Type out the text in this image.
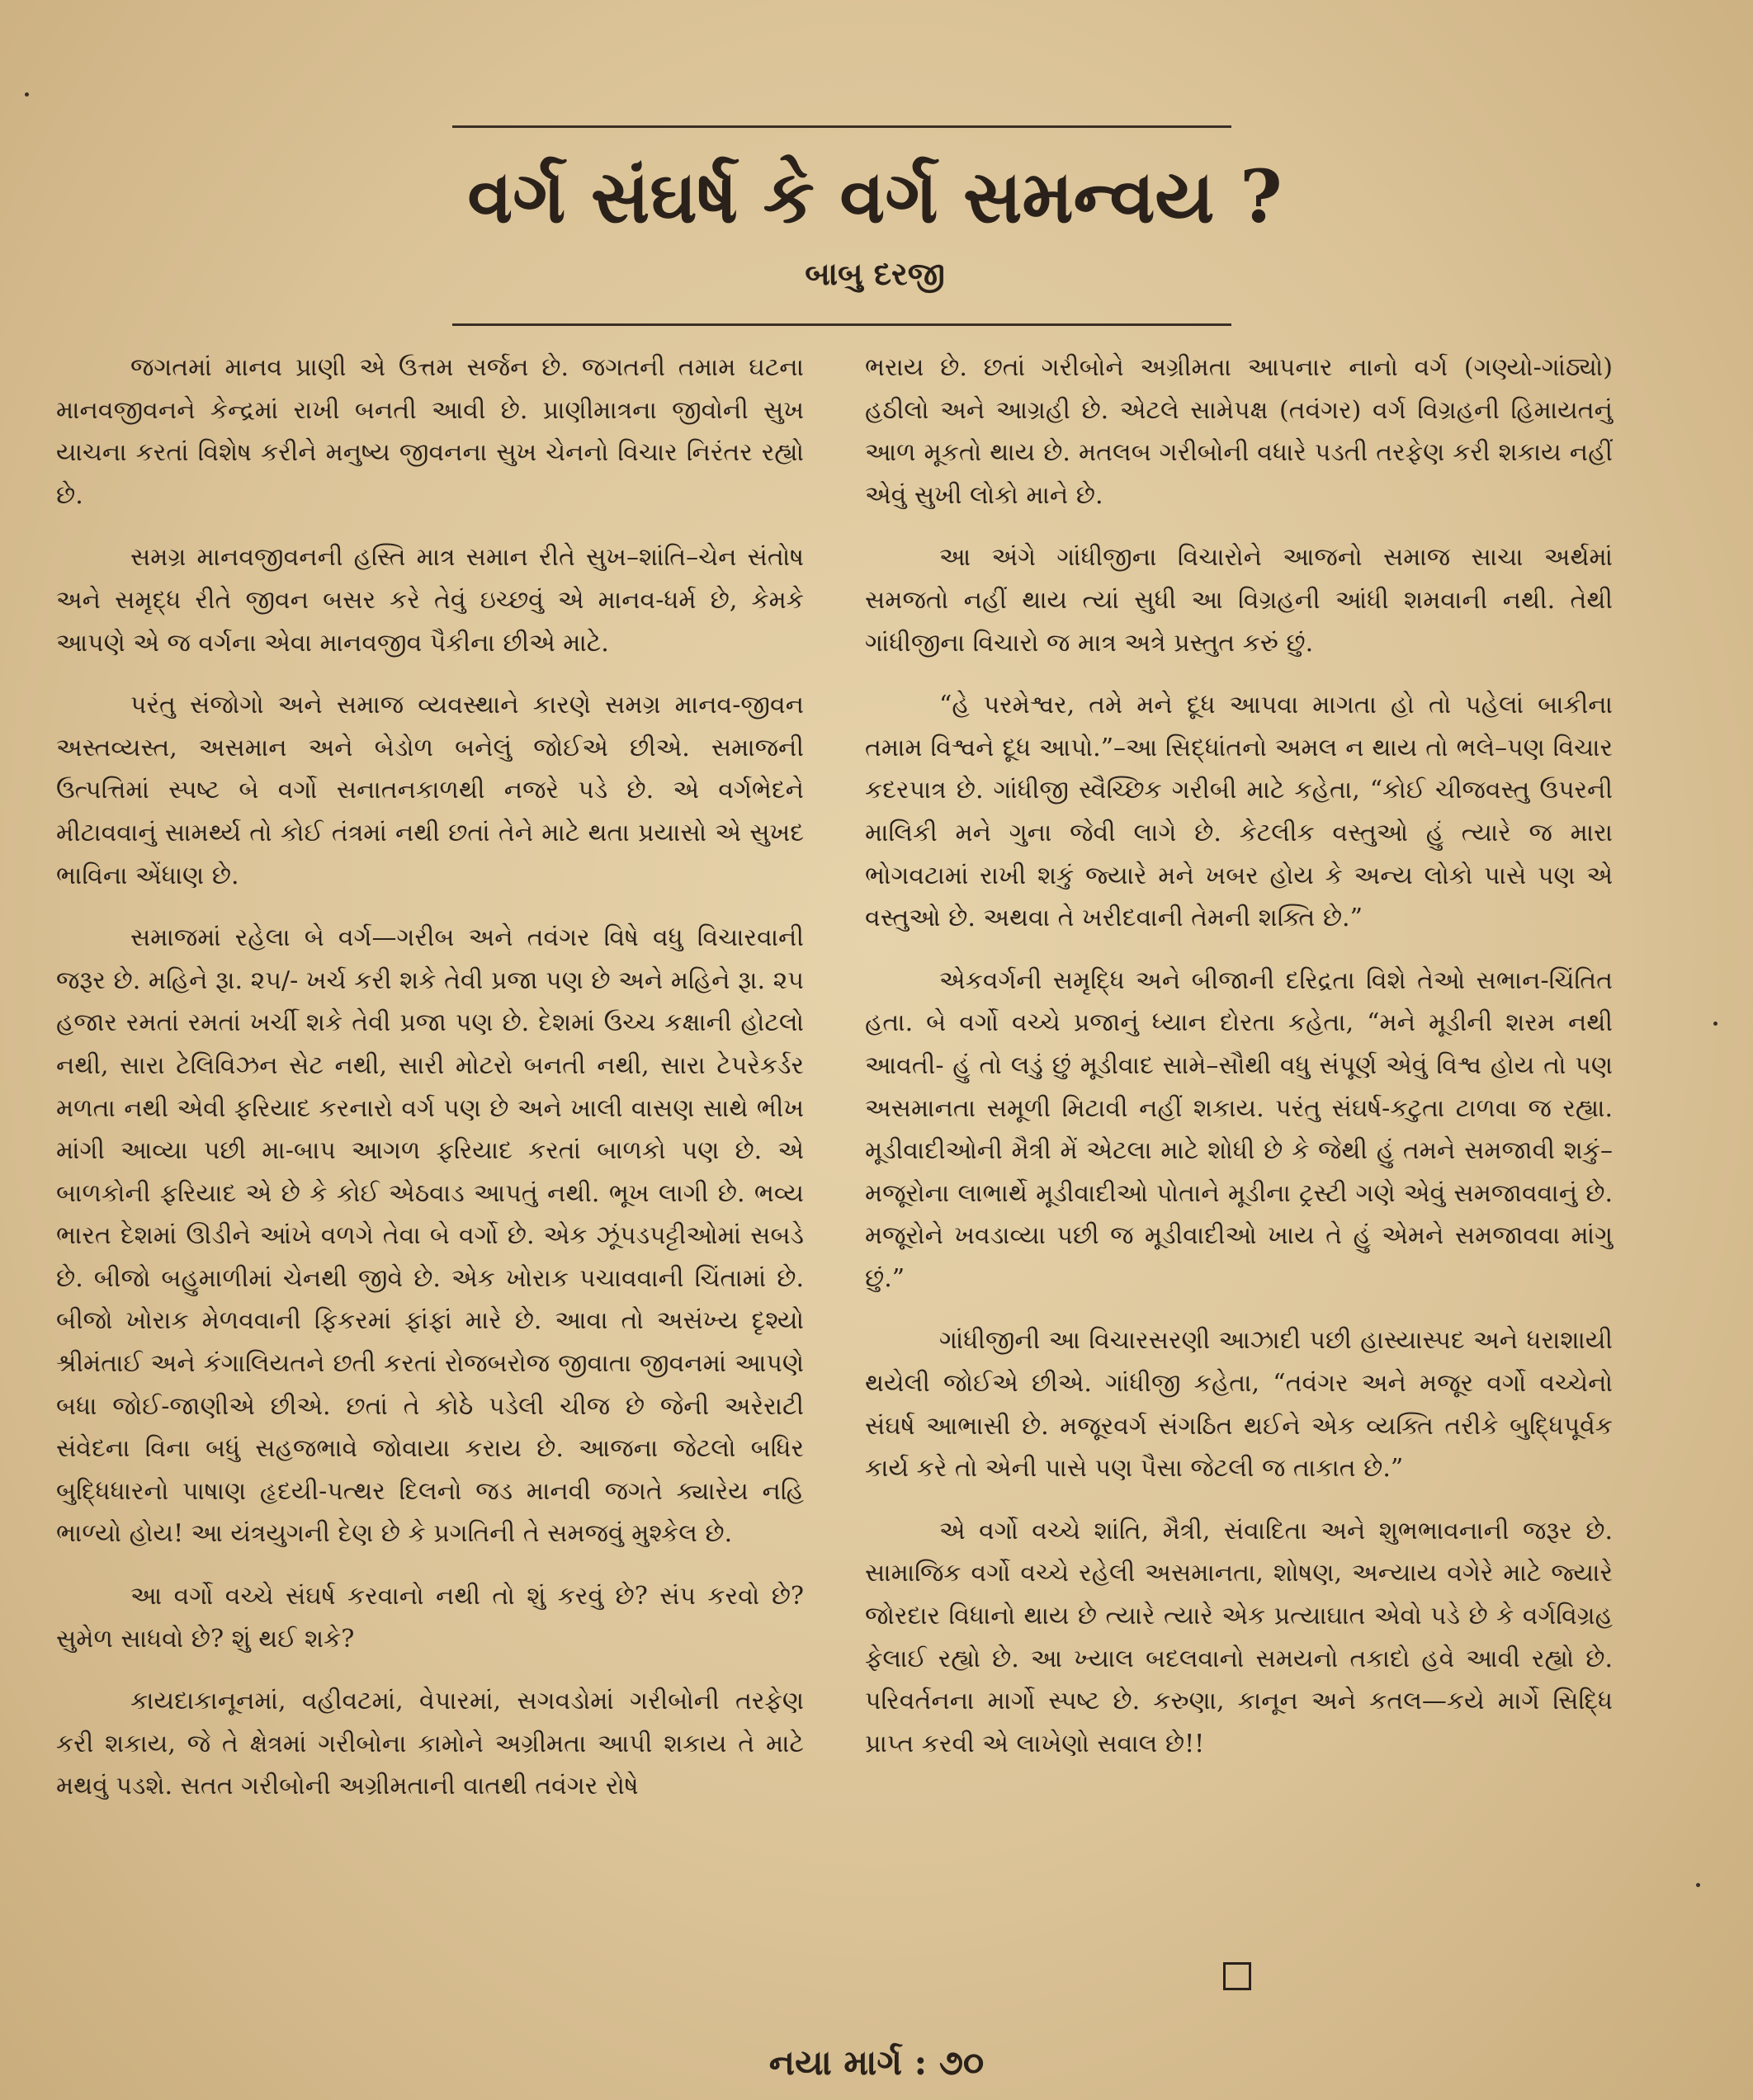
વર્ગ સંઘર્ષ કે વર્ગ સમન્વય ?
બાબુ દરજી

જગતમાં માનવ પ્રાણી એ ઉત્તમ સર્જન છે. જગતની તમામ ઘટના માનવજીવનને કેન્દ્રમાં રાખી બનતી આવી છે. પ્રાણીમાત્રના જીવોની સુખ યાચના કરતાં વિશેષ કરીને મનુષ્ય જીવનના સુખ ચેનનો વિચાર નિરંતર રહ્યો છે.

સમગ્ર માનવજીવનની હસ્તિ માત્ર સમાન રીતે સુખ–શાંતિ–ચેન સંતોષ અને સમૃદ્ધ રીતે જીવન બસર કરે તેવું ઇચ્છવું એ માનવ-ધર્મ છે, કેમકે આપણે એ જ વર્ગના એવા માનવજીવ પૈકીના છીએ માટે.

પરંતુ સંજોગો અને સમાજ વ્યવસ્થાને કારણે સમગ્ર માનવ-જીવન અસ્તવ્યસ્ત, અસમાન અને બેડોળ બનેલું જોઈએ છીએ. સમાજની ઉત્પત્તિમાં સ્પષ્ટ બે વર્ગો સનાતનકાળથી નજરે પડે છે. એ વર્ગભેદને મીટાવવાનું સામર્થ્ય તો કોઈ તંત્રમાં નથી છતાં તેને માટે થતા પ્રયાસો એ સુખદ ભાવિના એંધાણ છે.

સમાજમાં રહેલા બે વર્ગ—ગરીબ અને તવંગર વિષે વધુ વિચારવાની જરૂર છે. મહિને રૂા. ૨૫/- ખર્ચ કરી શકે તેવી પ્રજા પણ છે અને મહિને રૂા. ૨૫ હજાર રમતાં રમતાં ખર્ચી શકે તેવી પ્રજા પણ છે. દેશમાં ઉચ્ચ કક્ષાની હોટલો નથી, સારા ટેલિવિઝન સેટ નથી, સારી મોટરો બનતી નથી, સારા ટેપરેકર્ડર મળતા નથી એવી ફરિયાદ કરનારો વર્ગ પણ છે અને ખાલી વાસણ સાથે ભીખ માંગી આવ્યા પછી મા-બાપ આગળ ફરિયાદ કરતાં બાળકો પણ છે. એ બાળકોની ફરિયાદ એ છે કે કોઈ એઠવાડ આપતું નથી. ભૂખ લાગી છે. ભવ્ય ભારત દેશમાં ઊડીને આંખે વળગે તેવા બે વર્ગો છે. એક ઝૂંપડપટ્ટીઓમાં સબડે છે. બીજો બહુમાળીમાં ચેનથી જીવે છે. એક ખોરાક પચાવવાની ચિંતામાં છે. બીજો ખોરાક મેળવવાની ફિકરમાં ફાંફાં મારે છે. આવા તો અસંખ્ય દૃશ્યો શ્રીમંતાઈ અને કંગાલિયતને છતી કરતાં રોજબરોજ જીવાતા જીવનમાં આપણે બધા જોઈ-જાણીએ છીએ. છતાં તે કોઠે પડેલી ચીજ છે જેની અરેરાટી સંવેદના વિના બધું સહજભાવે જોવાયા કરાય છે. આજના જેટલો બધિર બુદ્ધિધારનો પાષાણ હૃદયી-પત્થર દિલનો જડ માનવી જગતે ક્યારેય નહિ ભાળ્યો હોય! આ યંત્રયુગની દેણ છે કે પ્રગતિની તે સમજવું મુશ્કેલ છે.

આ વર્ગો વચ્ચે સંઘર્ષ કરવાનો નથી તો શું કરવું છે? સંપ કરવો છે? સુમેળ સાધવો છે? શું થઈ શકે?

કાયદાકાનૂનમાં, વહીવટમાં, વેપારમાં, સગવડોમાં ગરીબોની તરફેણ કરી શકાય, જે તે ક્ષેત્રમાં ગરીબોના કામોને અગ્રીમતા આપી શકાય તે માટે મથવું પડશે. સતત ગરીબોની અગ્રીમતાની વાતથી તવંગર રોષે

ભરાય છે. છતાં ગરીબોને અગ્રીમતા આપનાર નાનો વર્ગ (ગણ્યો-ગાંઠ્યો) હઠીલો અને આગ્રહી છે. એટલે સામેપક્ષ (તવંગર) વર્ગ વિગ્રહની હિમાયતનું આળ મૂકતો થાય છે. મતલબ ગરીબોની વધારે પડતી તરફેણ કરી શકાય નહીં એવું સુખી લોકો માને છે.

આ અંગે ગાંધીજીના વિચારોને આજનો સમાજ સાચા અર્થમાં સમજતો નહીં થાય ત્યાં સુધી આ વિગ્રહની આંધી શમવાની નથી. તેથી ગાંધીજીના વિચારો જ માત્ર અત્રે પ્રસ્તુત કરું છું.

“હે પરમેશ્વર, તમે મને દૂધ આપવા માગતા હો તો પહેલાં બાકીના તમામ વિશ્વને દૂધ આપો.”–આ સિદ્ધાંતનો અમલ ન થાય તો ભલે–પણ વિચાર કદરપાત્ર છે. ગાંધીજી સ્વૈચ્છિક ગરીબી માટે કહેતા, “કોઈ ચીજવસ્તુ ઉપરની માલિકી મને ગુના જેવી લાગે છે. કેટલીક વસ્તુઓ હું ત્યારે જ મારા ભોગવટામાં રાખી શકું જ્યારે મને ખબર હોય કે અન્ય લોકો પાસે પણ એ વસ્તુઓ છે. અથવા તે ખરીદવાની તેમની શક્તિ છે.”

એકવર્ગની સમૃદ્ધિ અને બીજાની દરિદ્રતા વિશે તેઓ સભાન-ચિંતિત હતા. બે વર્ગો વચ્ચે પ્રજાનું ધ્યાન દોરતા કહેતા, “મને મૂડીની શરમ નથી આવતી- હું તો લડું છું મૂડીવાદ સામે–સૌથી વધુ સંપૂર્ણ એવું વિશ્વ હોય તો પણ અસમાનતા સમૂળી મિટાવી નહીં શકાય. પરંતુ સંઘર્ષ-કટુતા ટાળવા જ રહ્યા. મૂડીવાદીઓની મૈત્રી મેં એટલા માટે શોધી છે કે જેથી હું તમને સમજાવી શકું–મજૂરોના લાભાર્થે મૂડીવાદીઓ પોતાને મૂડીના ટ્રસ્ટી ગણે એવું સમજાવવાનું છે. મજૂરોને ખવડાવ્યા પછી જ મૂડીવાદીઓ ખાય તે હું એમને સમજાવવા માંગુ છું.”

ગાંધીજીની આ વિચારસરણી આઝાદી પછી હાસ્યાસ્પદ અને ધરાશાયી થયેલી જોઈએ છીએ. ગાંધીજી કહેતા, “તવંગર અને મજૂર વર્ગો વચ્ચેનો સંઘર્ષ આભાસી છે. મજૂરવર્ગ સંગઠિત થઈને એક વ્યક્તિ તરીકે બુદ્ધિપૂર્વક કાર્ય કરે તો એની પાસે પણ પૈસા જેટલી જ તાકાત છે.”

એ વર્ગો વચ્ચે શાંતિ, મૈત્રી, સંવાદિતા અને શુભભાવનાની જરૂર છે. સામાજિક વર્ગો વચ્ચે રહેલી અસમાનતા, શોષણ, અન્યાય વગેરે માટે જ્યારે જોરદાર વિધાનો થાય છે ત્યારે ત્યારે એક પ્રત્યાઘાત એવો પડે છે કે વર્ગવિગ્રહ ફેલાઈ રહ્યો છે. આ ખ્યાલ બદલવાનો સમયનો તકાદો હવે આવી રહ્યો છે. પરિવર્તનના માર્ગો સ્પષ્ટ છે. કરુણા, કાનૂન અને કતલ—કયે માર્ગે સિદ્ધિ પ્રાપ્ત કરવી એ લાખેણો સવાલ છે!!

નયા માર્ગ : ૭૦
